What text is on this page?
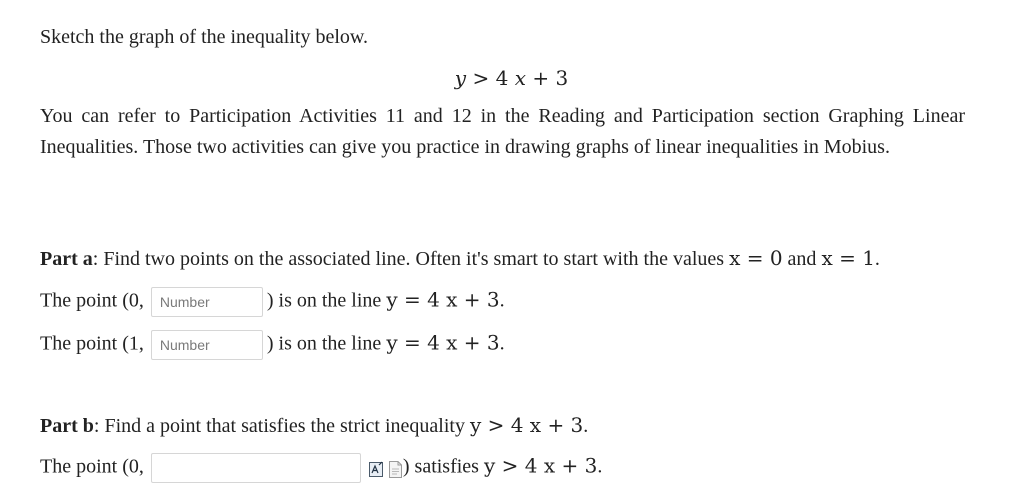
Sketch the graph of the inequality below.
y > 4 x + 3
You can refer to Participation Activities 11 and 12 in the Reading and Participation section Graphing Linear Inequalities. Those two activities can give you practice in drawing graphs of linear inequalities in Mobius.
Part a: Find two points on the associated line. Often it's smart to start with the values x = 0 and x = 1.
The point (0, Number	) is on the line y = 4 x + 3.
The point (1, Number	) is on the line y = 4 x + 3.
Part b: Find a point that satisfies the strict inequality y > 4 x + 3.
The point (0,	) satisfies y > 4 x + 3.
